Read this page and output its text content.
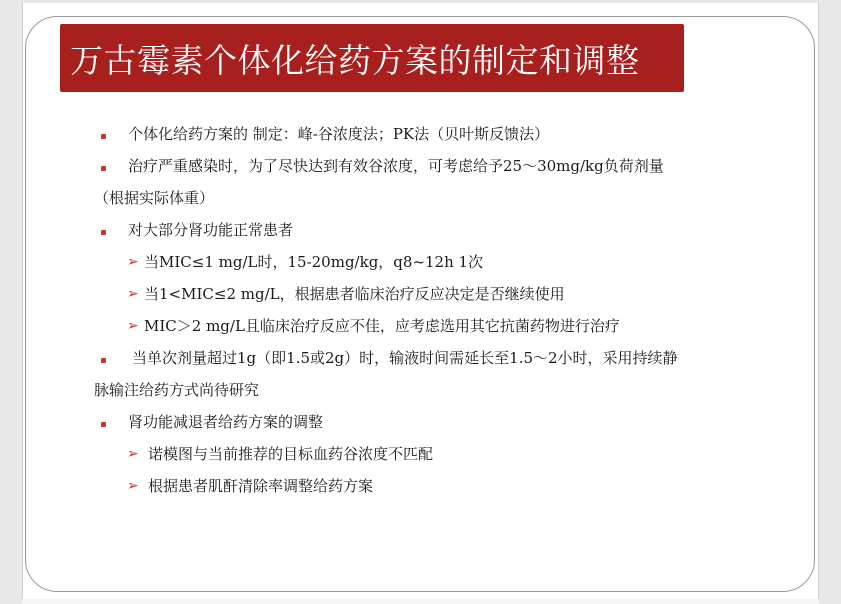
万古霉素个体化给药方案的制定和调整
个体化给药方案的 制定：峰-谷浓度法；PK法（贝叶斯反馈法）
治疗严重感染时，为了尽快达到有效谷浓度，可考虑给予25～30mg/kg负荷剂量
（根据实际体重）
对大部分肾功能正常患者
➢ 当MIC≤1 mg/L时，15-20mg/kg，q8~12h 1次
➢ 当1<MIC≤2 mg/L，根据患者临床治疗反应决定是否继续使用
➢ MIC＞2 mg/L且临床治疗反应不佳，应考虑选用其它抗菌药物进行治疗
当单次剂量超过1g（即1.5或2g）时，输液时间需延长至1.5～2小时，采用持续静
脉输注给药方式尚待研究
肾功能减退者给药方案的调整
➢ 诺模图与当前推荐的目标血药谷浓度不匹配
➢ 根据患者肌酐清除率调整给药方案
